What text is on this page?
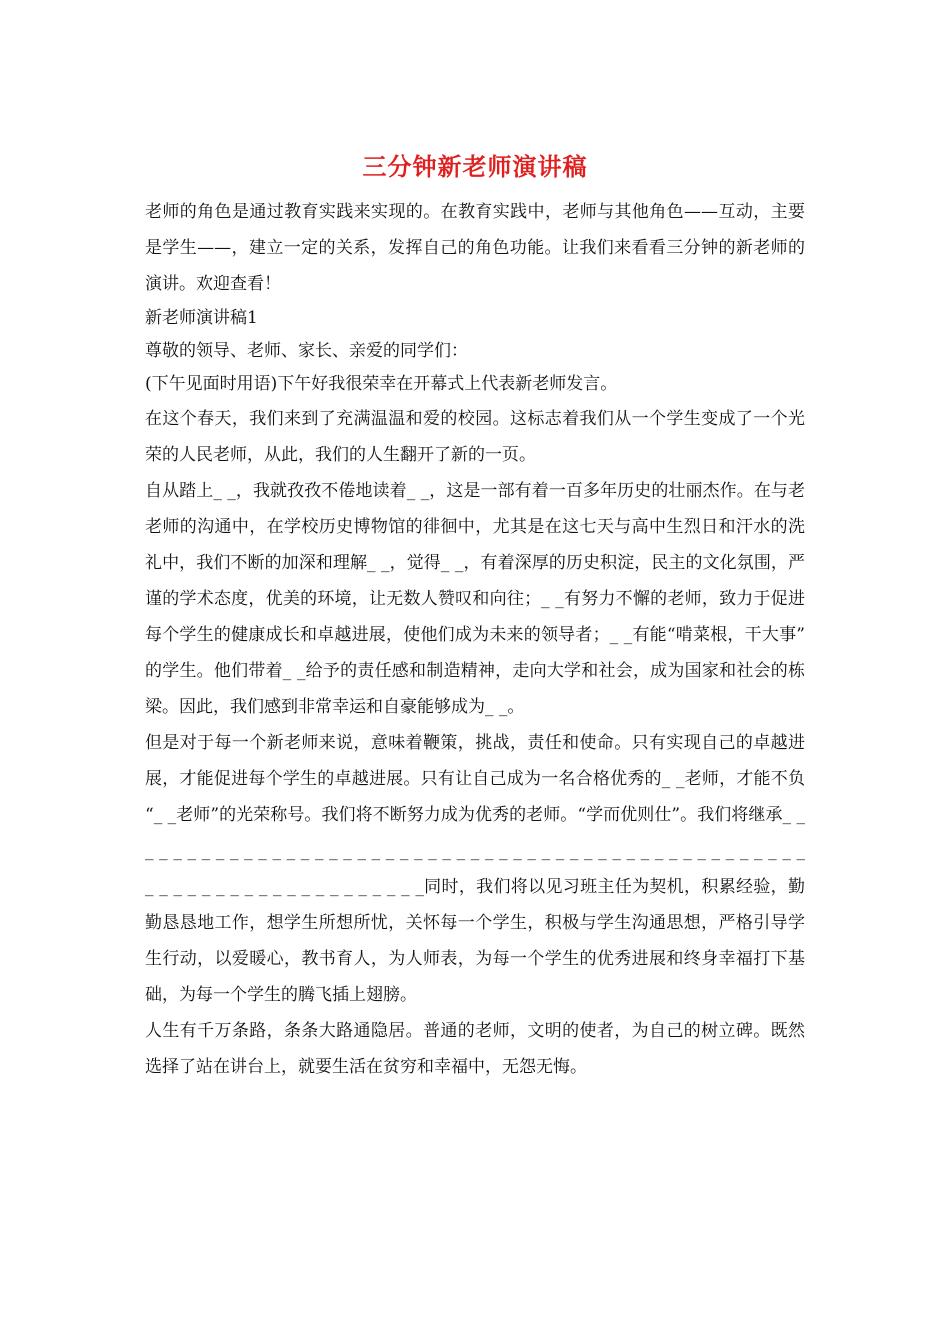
三分钟新老师演讲稿

老师的角色是通过教育实践来实现的。在教育实践中，老师与其他角色——互动，主要是学生——，建立一定的关系，发挥自己的角色功能。让我们来看看三分钟的新老师的演讲。欢迎查看！

新老师演讲稿1

尊敬的领导、老师、家长、亲爱的同学们：

(下午见面时用语)下午好我很荣幸在开幕式上代表新老师发言。

在这个春天，我们来到了充满温温和爱的校园。这标志着我们从一个学生变成了一个光荣的人民老师，从此，我们的人生翻开了新的一页。

自从踏上_ _，我就孜孜不倦地读着_ _，这是一部有着一百多年历史的壮丽杰作。在与老老师的沟通中，在学校历史博物馆的徘徊中，尤其是在这七天与高中生烈日和汗水的洗礼中，我们不断的加深和理解_ _，觉得_ _，有着深厚的历史积淀，民主的文化氛围，严谨的学术态度，优美的环境，让无数人赞叹和向往；_ _有努力不懈的老师，致力于促进每个学生的健康成长和卓越进展，使他们成为未来的领导者；_ _有能“啃菜根，干大事”的学生。他们带着_ _给予的责任感和制造精神，走向大学和社会，成为国家和社会的栋梁。因此，我们感到非常幸运和自豪能够成为_ _。

但是对于每一个新老师来说，意味着鞭策，挑战，责任和使命。只有实现自己的卓越进展，才能促进每个学生的卓越进展。只有让自己成为一名合格优秀的_ _老师，才能不负“_ _老师”的光荣称号。我们将不断努力成为优秀的老师。“学而优则仕”。我们将继承_ _ _ _ _ _ _ _ _ _ _ _ _ _ _ _ _ _ _ _ _ _ _ _ _ _ _ _ _ _ _ _ _ _ _ _ _ _ _ _ _ _ _ _ _ _ _ _ _ _ _ _ _ _ _ _ _ _ _ _ _ _ _ _ _ _ _ _ _同时，我们将以见习班主任为契机，积累经验，勤勤恳恳地工作，想学生所想所忧，关怀每一个学生，积极与学生沟通思想，严格引导学生行动，以爱暖心，教书育人，为人师表，为每一个学生的优秀进展和终身幸福打下基础，为每一个学生的腾飞插上翅膀。

人生有千万条路，条条大路通隐居。普通的老师，文明的使者，为自己的树立碑。既然选择了站在讲台上，就要生活在贫穷和幸福中，无怨无悔。
